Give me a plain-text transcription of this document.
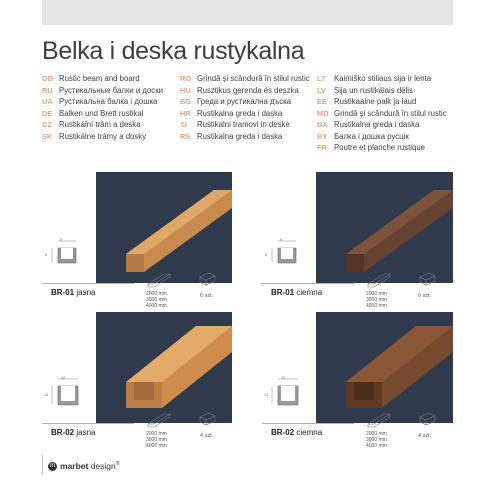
Belka i deska rustykalna
GB Rustic beam and board
RU Рустикальные балки и доски
UA Рустикальна балка і дошка
DE Balken und Brett rustikal
CZ Rustikální trám a deska
SK Rustikálne trámy a dosky
RO Grindă și scândură în stilul rustic
HU Rusztikus gerenda és deszka
BG Греда и рустикална дъска
HR Rustikalna greda i daska
SI Rustikalni tramovi in deske
RS Rustikalna greda i daska
LT Kaimiško stiliaus sija ir lenta
LV Sija un rustikālais dēlis
EE Rustikaalne palk ja laud
MD Grindă și scândură în stilul rustic
BA Rustikalna greda i daska
BY Балка і дошка русцік
FR Poutre et planche rustique
9
6
9
6
12
12
12
12
BR-01 jasna	BR-01 ciemna
BR-02 jasna	BR-02 ciemna
2000 mm
3000 mm
4000 mm
2000 mm
3000 mm
4000 mm
2000 mm
3000 mm
4000 mm
2000 mm
3000 mm
4000 mm
6 szt.	6 szt.
4 szt.	4 szt.
m marbet design®
